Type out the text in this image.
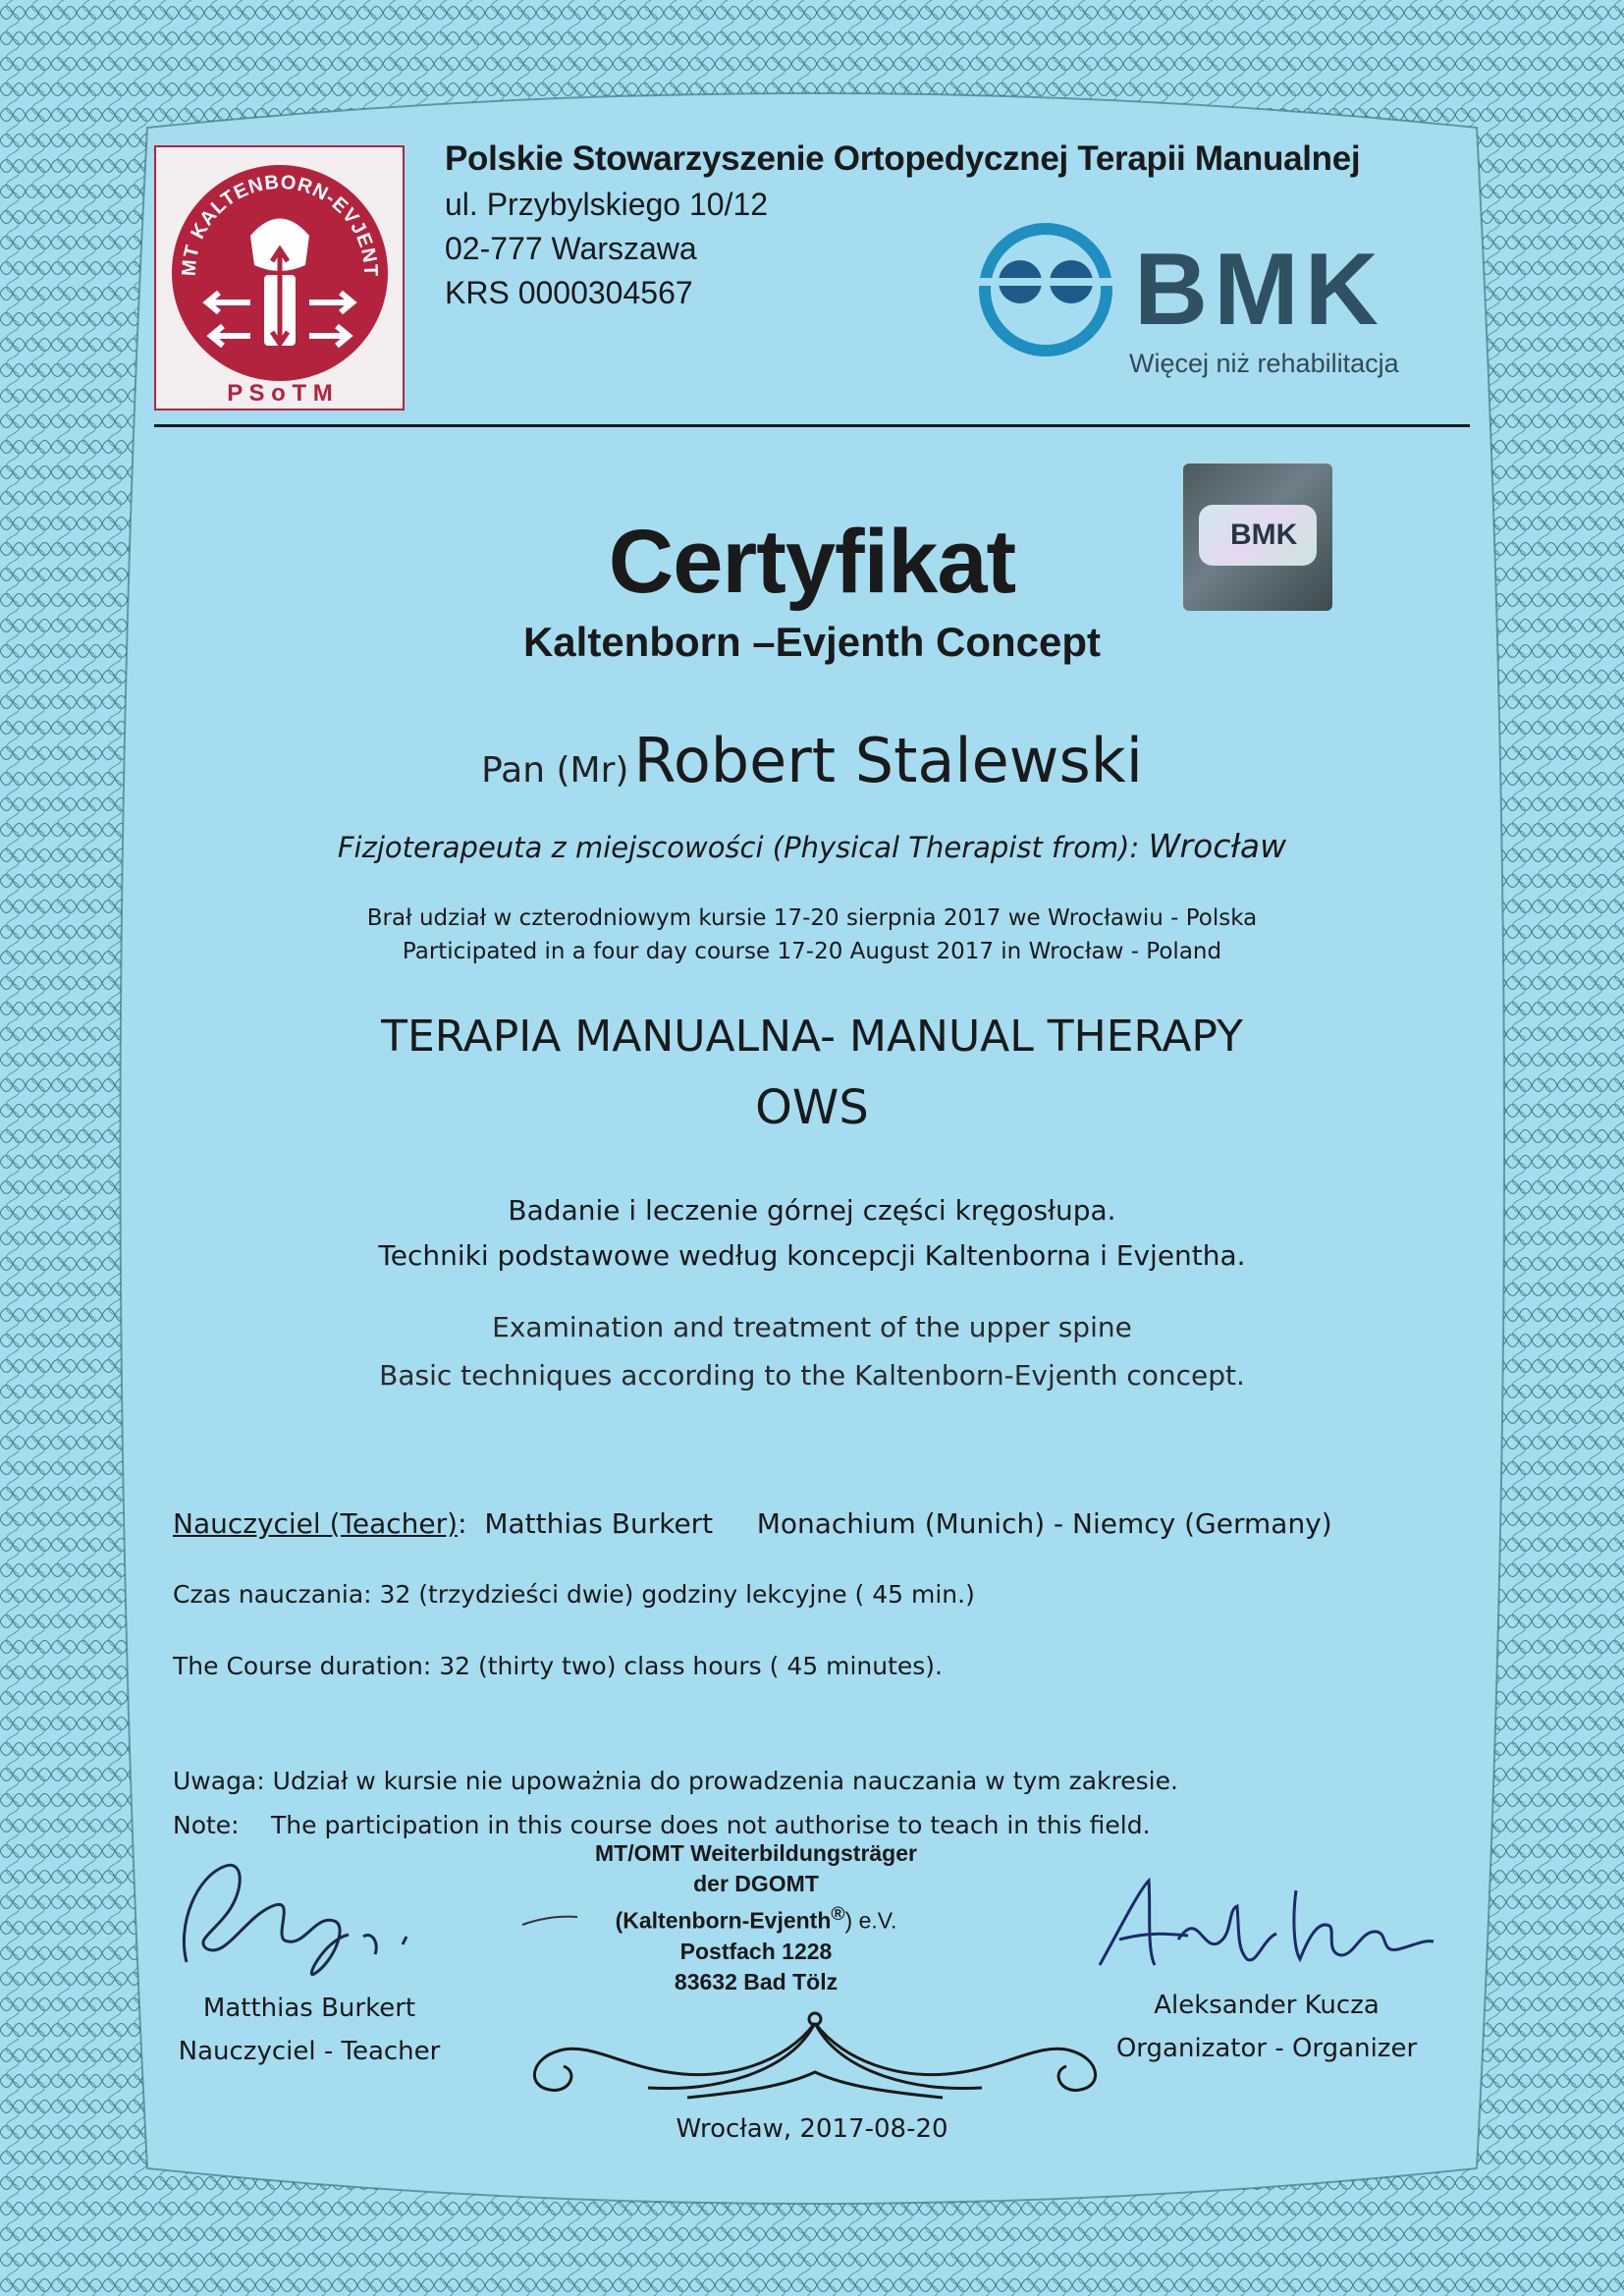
MT KALTENBORN-EVJENT
P S o T M
Polskie Stowarzyszenie Ortopedycznej Terapii Manualnej
ul. Przybylskiego 10/12
02-777 Warszawa
KRS 0000304567	BMK
Więcej niż rehabilitacja
BMK
Certyfikat
Kaltenborn –Evjenth Concept
Pan (Mr) Robert Stalewski
Fizjoterapeuta z miejscowości (Physical Therapist from): Wrocław
Brał udział w czterodniowym kursie 17-20 sierpnia 2017 we Wrocławiu - Polska
Participated in a four day course 17-20 August 2017 in Wrocław - Poland
TERAPIA MANUALNA- MANUAL THERAPY
OWS
Badanie i leczenie górnej części kręgosłupa.
Techniki podstawowe według koncepcji Kaltenborna i Evjentha.
Examination and treatment of the upper spine
Basic techniques according to the Kaltenborn-Evjenth concept.
Nauczyciel (Teacher): Matthias Burkert Monachium (Munich) - Niemcy (Germany)
Czas nauczania: 32 (trzydzieści dwie) godziny lekcyjne ( 45 min.)
The Course duration: 32 (thirty two) class hours ( 45 minutes).
Uwaga: Udział w kursie nie upoważnia do prowadzenia nauczania w tym zakresie.
Note: The participation in this course does not authorise to teach in this field.
MT/OMT Weiterbildungsträger
der DGOMT
(Kaltenborn-Evjenth®) e.V.
Postfach 1228
83632 Bad Tölz
Matthias Burkert
Nauczyciel - Teacher
Aleksander Kucza
Organizator - Organizer
Wrocław, 2017-08-20
